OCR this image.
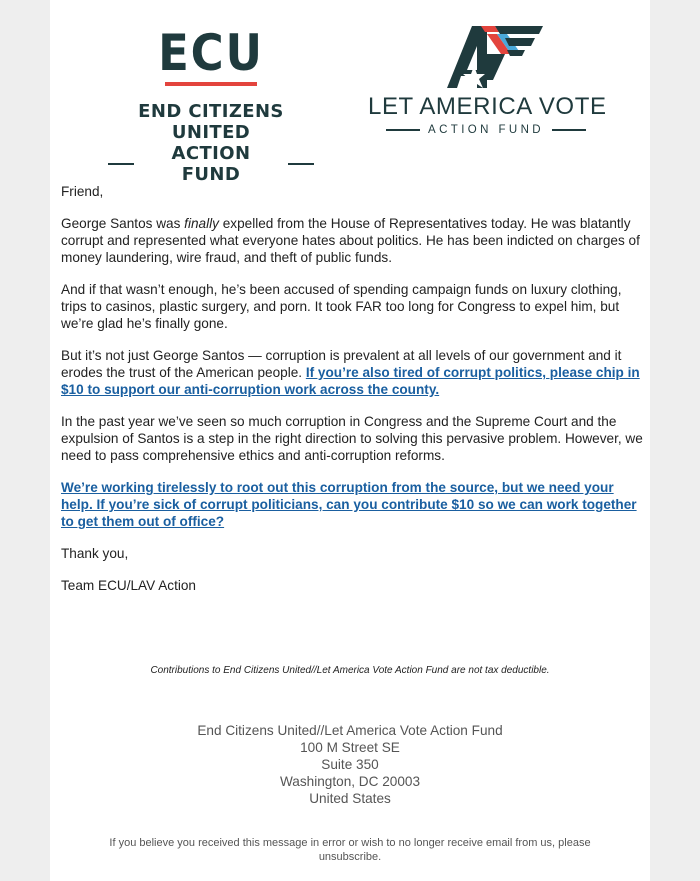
ECU
END CITIZENS UNITED
ACTION FUND
LET AMERICA VOTE
ACTION FUND

Friend,

George Santos was finally expelled from the House of Representatives today. He was blatantly corrupt and represented what everyone hates about politics. He has been indicted on charges of money laundering, wire fraud, and theft of public funds.

And if that wasn’t enough, he’s been accused of spending campaign funds on luxury clothing, trips to casinos, plastic surgery, and porn. It took FAR too long for Congress to expel him, but we’re glad he’s finally gone.

But it’s not just George Santos — corruption is prevalent at all levels of our government and it erodes the trust of the American people. If you’re also tired of corrupt politics, please chip in $10 to support our anti-corruption work across the county.

In the past year we’ve seen so much corruption in Congress and the Supreme Court and the expulsion of Santos is a step in the right direction to solving this pervasive problem. However, we need to pass comprehensive ethics and anti-corruption reforms.

We’re working tirelessly to root out this corruption from the source, but we need your help. If you’re sick of corrupt politicians, can you contribute $10 so we can work together to get them out of office?

Thank you,

Team ECU/LAV Action

Contributions to End Citizens United//Let America Vote Action Fund are not tax deductible.
End Citizens United//Let America Vote Action Fund
100 M Street SE
Suite 350
Washington, DC 20003
United States
If you believe you received this message in error or wish to no longer receive email from us, please unsubscribe.
